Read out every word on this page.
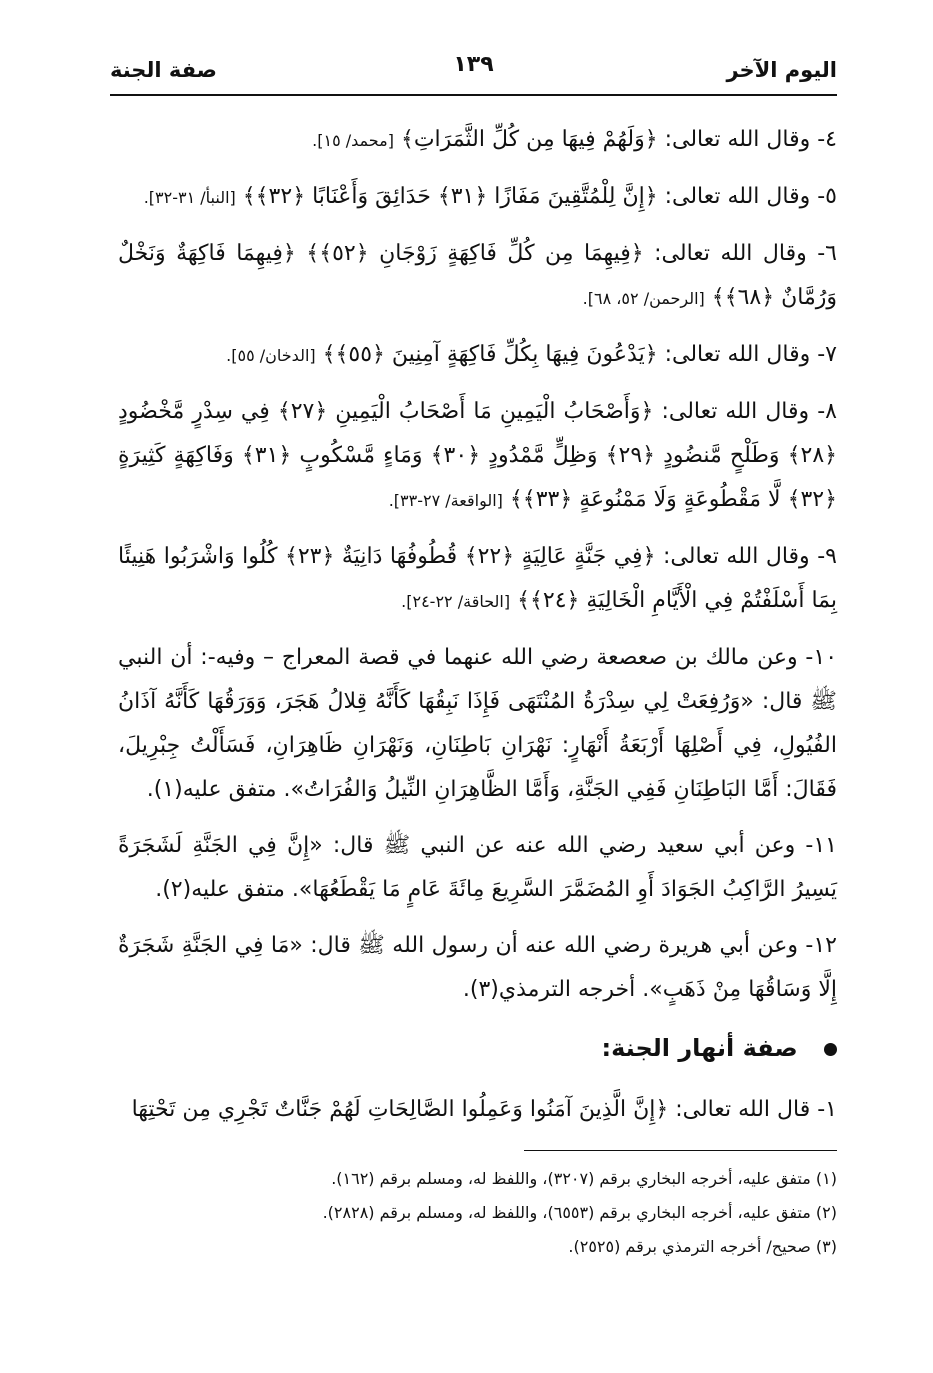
اليوم الآخر
١٣٩
صفة الجنة

٤- وقال الله تعالى: ﴿وَلَهُمْ فِيهَا مِن كُلِّ الثَّمَرَاتِ﴾ [محمد/ ١٥].

٥- وقال الله تعالى: ﴿إِنَّ لِلْمُتَّقِينَ مَفَازًا ﴿٣١﴾ حَدَائِقَ وَأَعْنَابًا ﴿٣٢﴾﴾ [النبأ/ ٣١-٣٢].

٦- وقال الله تعالى: ﴿فِيهِمَا مِن كُلِّ فَاكِهَةٍ زَوْجَانِ ﴿٥٢﴾﴾ ﴿فِيهِمَا فَاكِهَةٌ وَنَخْلٌ وَرُمَّانٌ ﴿٦٨﴾﴾ [الرحمن/ ٥٢، ٦٨].

٧- وقال الله تعالى: ﴿يَدْعُونَ فِيهَا بِكُلِّ فَاكِهَةٍ آمِنِينَ ﴿٥٥﴾﴾ [الدخان/ ٥٥].

٨- وقال الله تعالى: ﴿وَأَصْحَابُ الْيَمِينِ مَا أَصْحَابُ الْيَمِينِ ﴿٢٧﴾ فِي سِدْرٍ مَّخْضُودٍ ﴿٢٨﴾ وَطَلْحٍ مَّنضُودٍ ﴿٢٩﴾ وَظِلٍّ مَّمْدُودٍ ﴿٣٠﴾ وَمَاءٍ مَّسْكُوبٍ ﴿٣١﴾ وَفَاكِهَةٍ كَثِيرَةٍ ﴿٣٢﴾ لَّا مَقْطُوعَةٍ وَلَا مَمْنُوعَةٍ ﴿٣٣﴾﴾ [الواقعة/ ٢٧-٣٣].

٩- وقال الله تعالى: ﴿فِي جَنَّةٍ عَالِيَةٍ ﴿٢٢﴾ قُطُوفُهَا دَانِيَةٌ ﴿٢٣﴾ كُلُوا وَاشْرَبُوا هَنِيئًا بِمَا أَسْلَفْتُمْ فِي الْأَيَّامِ الْخَالِيَةِ ﴿٢٤﴾﴾ [الحاقة/ ٢٢-٢٤].

١٠- وعن مالك بن صعصعة رضي الله عنهما في قصة المعراج – وفيه-: أن النبي ﷺ قال: «وَرُفِعَتْ لِي سِدْرَةُ المُنْتَهَى فَإِذَا نَبِقُهَا كَأَنَّهُ قِلالُ هَجَرَ، وَوَرَقُهَا كَأَنَّهُ آذَانُ الفُيُولِ، فِي أَصْلِهَا أَرْبَعَةُ أَنْهَارٍ: نَهْرَانِ بَاطِنَانِ، وَنَهْرَانِ ظَاهِرَانِ، فَسَأَلْتُ جِبْرِيلَ، فَقَالَ: أَمَّا البَاطِنَانِ فَفِي الجَنَّةِ، وَأَمَّا الظَّاهِرَانِ النِّيلُ وَالفُرَاتُ». متفق عليه(١).

١١- وعن أبي سعيد رضي الله عنه عن النبي ﷺ قال: «إِنَّ فِي الجَنَّةِ لَشَجَرَةً يَسِيرُ الرَّاكِبُ الجَوَادَ أَوِ المُضَمَّرَ السَّرِيعَ مِائَةَ عَامٍ مَا يَقْطَعُهَا». متفق عليه(٢).

١٢- وعن أبي هريرة رضي الله عنه أن رسول الله ﷺ قال: «مَا فِي الجَنَّةِ شَجَرَةٌ إِلَّا وَسَاقُهَا مِنْ ذَهَبٍ». أخرجه الترمذي(٣).

صفة أنهار الجنة:

١- قال الله تعالى: ﴿إِنَّ الَّذِينَ آمَنُوا وَعَمِلُوا الصَّالِحَاتِ لَهُمْ جَنَّاتٌ تَجْرِي مِن تَحْتِهَا

(١) متفق عليه، أخرجه البخاري برقم (٣٢٠٧)، واللفظ له، ومسلم برقم (١٦٢).
(٢) متفق عليه، أخرجه البخاري برقم (٦٥٥٣)، واللفظ له، ومسلم برقم (٢٨٢٨).
(٣) صحيح/ أخرجه الترمذي برقم (٢٥٢٥).
